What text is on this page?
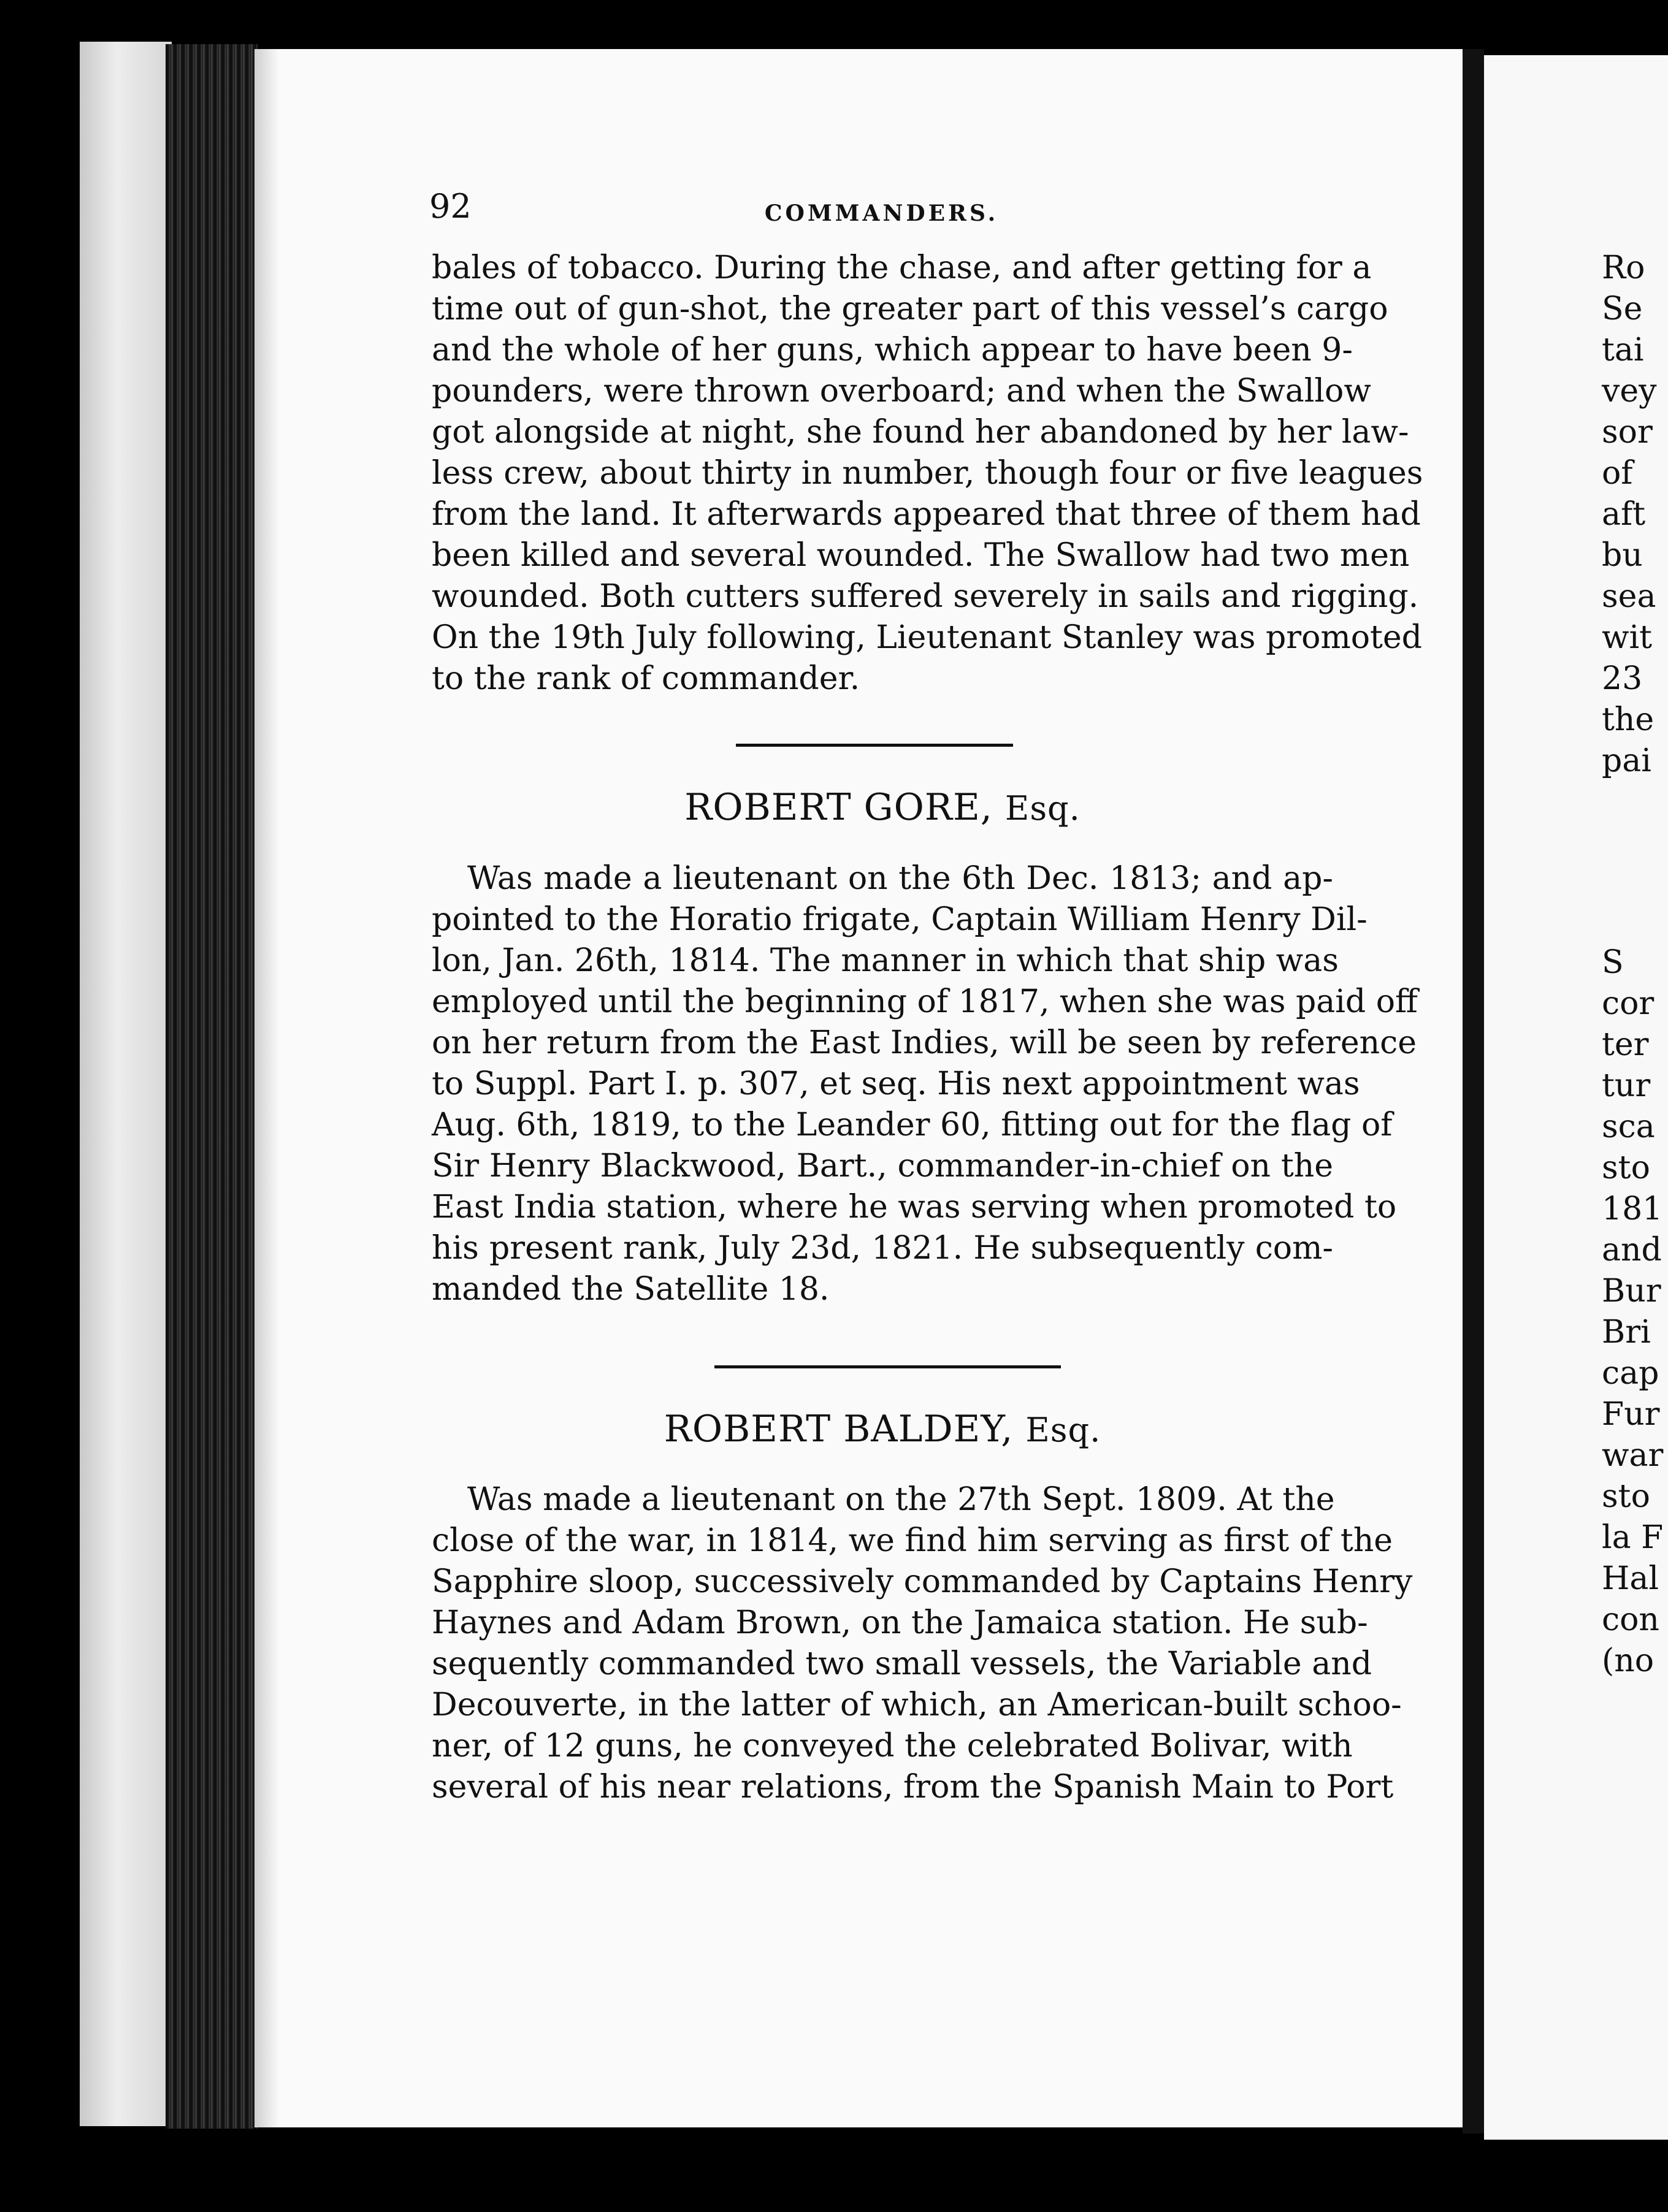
92	COMMANDERS.
bales of tobacco. During the chase, and after getting for a
time out of gun-shot, the greater part of this vessel’s cargo
and the whole of her guns, which appear to have been 9-
pounders, were thrown overboard; and when the Swallow
got alongside at night, she found her abandoned by her law-
less crew, about thirty in number, though four or five leagues
from the land. It afterwards appeared that three of them had
been killed and several wounded. The Swallow had two men
wounded. Both cutters suffered severely in sails and rigging.
On the 19th July following, Lieutenant Stanley was promoted
to the rank of commander.
ROBERT GORE, Esq.
Was made a lieutenant on the 6th Dec. 1813; and ap-
pointed to the Horatio frigate, Captain William Henry Dil-
lon, Jan. 26th, 1814. The manner in which that ship was
employed until the beginning of 1817, when she was paid off
on her return from the East Indies, will be seen by reference
to Suppl. Part I. p. 307, et seq. His next appointment was
Aug. 6th, 1819, to the Leander 60, fitting out for the flag of
Sir Henry Blackwood, Bart., commander-in-chief on the
East India station, where he was serving when promoted to
his present rank, July 23d, 1821. He subsequently com-
manded the Satellite 18.
ROBERT BALDEY, Esq.
Was made a lieutenant on the 27th Sept. 1809. At the
close of the war, in 1814, we find him serving as first of the
Sapphire sloop, successively commanded by Captains Henry
Haynes and Adam Brown, on the Jamaica station. He sub-
sequently commanded two small vessels, the Variable and
Decouverte, in the latter of which, an American-built schoo-
ner, of 12 guns, he conveyed the celebrated Bolivar, with
several of his near relations, from the Spanish Main to Port
Ro
Se
tai
vey
sor
of
aft
bu
sea
wit
23
the
pai
S
cor
ter
tur
sca
sto
181
and
Bur
Bri
cap
Fur
war
sto
la F
Hal
con
(no
